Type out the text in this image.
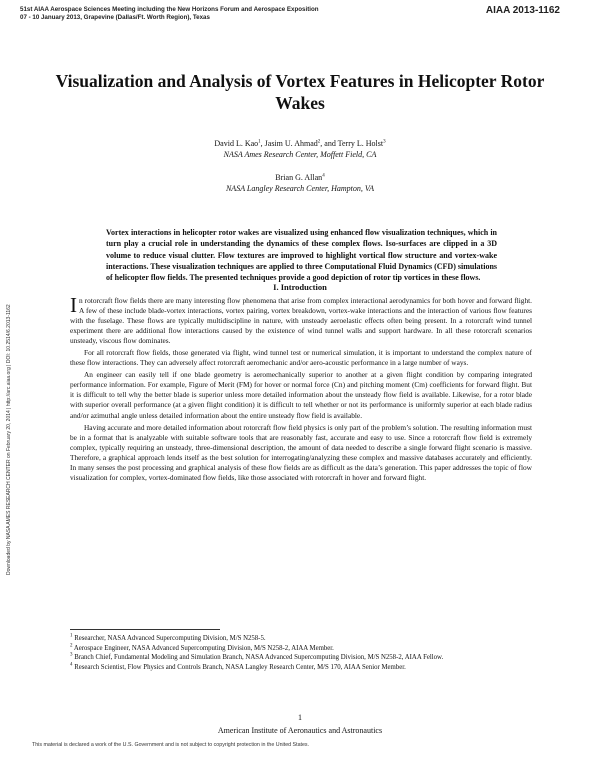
51st AIAA Aerospace Sciences Meeting including the New Horizons Forum and Aerospace Exposition
07 - 10 January 2013, Grapevine (Dallas/Ft. Worth Region), Texas
AIAA 2013-1162
Downloaded by NASA AMES RESEARCH CENTER on February 20, 2014 | http://arc.aiaa.org | DOI: 10.2514/6.2013-1162
Visualization and Analysis of Vortex Features in Helicopter Rotor Wakes
David L. Kao$^1$, Jasim U. Ahmad$^2$, and Terry L. Holst$^3$
NASA Ames Research Center, Moffett Field, CA
Brian G. Allan$^4$
NASA Langley Research Center, Hampton, VA
Vortex interactions in helicopter rotor wakes are visualized using enhanced flow visualization techniques, which in turn play a crucial role in understanding the dynamics of these complex flows. Iso-surfaces are clipped in a 3D volume to reduce visual clutter. Flow textures are improved to highlight vortical flow structure and vortex-wake interactions. These visualization techniques are applied to three Computational Fluid Dynamics (CFD) simulations of helicopter flow fields. The presented techniques provide a good depiction of rotor tip vortices in these flows.
I. Introduction

In rotorcraft flow fields there are many interesting flow phenomena that arise from complex interactional aerodynamics for both hover and forward flight. A few of these include blade-vortex interactions, vortex pairing, vortex breakdown, vortex-wake interactions and the interaction of various flow features with the fuselage. These flows are typically multidiscipline in nature, with unsteady aeroelastic effects often being present. In a rotorcraft wind tunnel experiment there are additional flow interactions caused by the existence of wind tunnel walls and support hardware. In all these rotorcraft scenarios unsteady, viscous flow dominates.

For all rotorcraft flow fields, those generated via flight, wind tunnel test or numerical simulation, it is important to understand the complex nature of these flow interactions. They can adversely affect rotorcraft aeromechanic and/or aero-acoustic performance in a large number of ways.

An engineer can easily tell if one blade geometry is aeromechanically superior to another at a given flight condition by comparing integrated performance information. For example, Figure of Merit (FM) for hover or normal force (Cn) and pitching moment (Cm) coefficients for forward flight. But it is difficult to tell why the better blade is superior unless more detailed information about the unsteady flow field is available. Likewise, for a rotor blade with superior overall performance (at a given flight condition) it is difficult to tell whether or not its performance is uniformly superior at each blade radius and/or azimuthal angle unless detailed information about the entire unsteady flow field is available.

Having accurate and more detailed information about rotorcraft flow field physics is only part of the problem’s solution. The resulting information must be in a format that is analyzable with suitable software tools that are reasonably fast, accurate and easy to use. Since a rotorcraft flow field is extremely complex, typically requiring an unsteady, three-dimensional description, the amount of data needed to describe a single forward flight scenario is massive. Therefore, a graphical approach lends itself as the best solution for interrogating/analyzing these complex and massive databases accurately and efficiently. In many senses the post processing and graphical analysis of these flow fields are as difficult as the data’s generation. This paper addresses the topic of flow visualization for complex, vortex-dominated flow fields, like those associated with rotorcraft in hover and forward flight.

$^1$ Researcher, NASA Advanced Supercomputing Division, M/S N258-5.
$^2$ Aerospace Engineer, NASA Advanced Supercomputing Division, M/S N258-2, AIAA Member.
$^3$ Branch Chief, Fundamental Modeling and Simulation Branch, NASA Advanced Supercomputing Division, M/S N258-2, AIAA Fellow.
$^4$ Research Scientist, Flow Physics and Controls Branch, NASA Langley Research Center, M/S 170, AIAA Senior Member.
1
American Institute of Aeronautics and Astronautics
This material is declared a work of the U.S. Government and is not subject to copyright protection in the United States.
